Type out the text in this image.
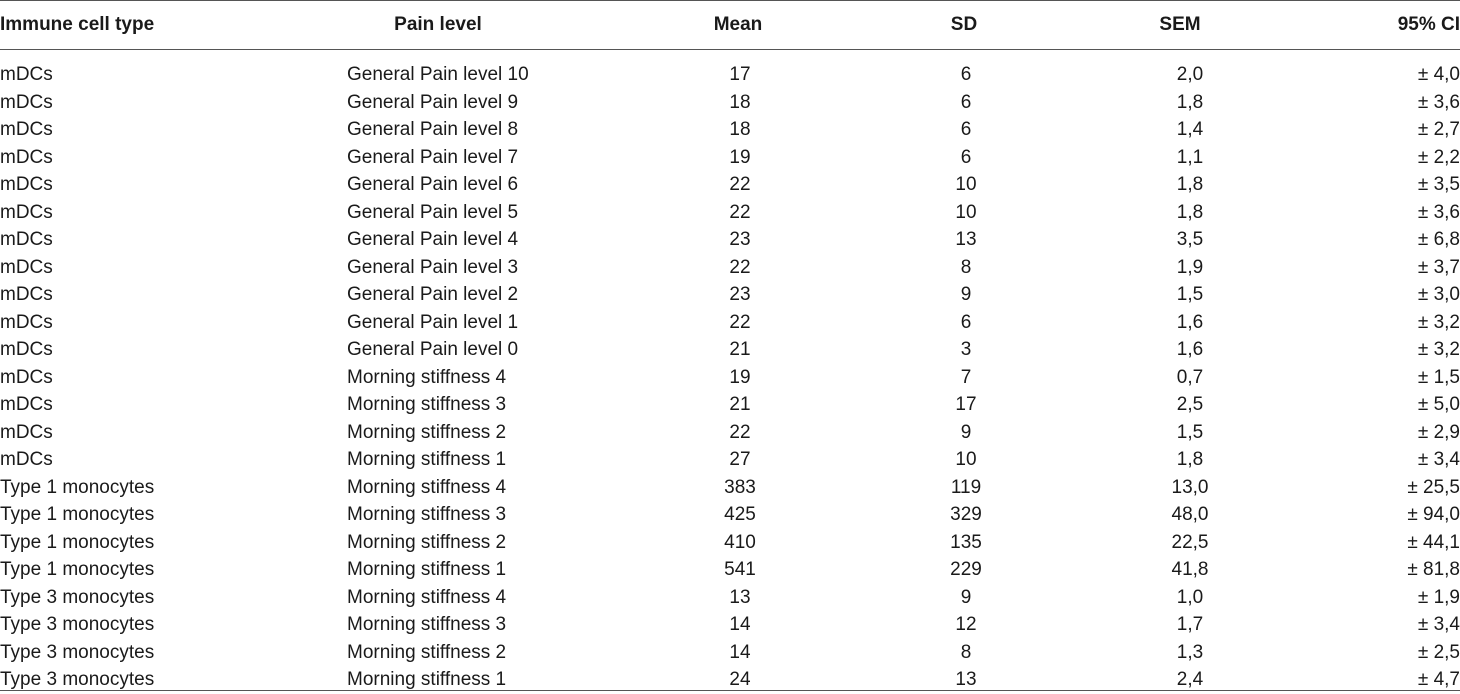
Immune cell type	Pain level	Mean	SD	SEM	95% CI
mDCs	General Pain level 10	17	6	2,0	± 4,0
mDCs	General Pain level 9	18	6	1,8	± 3,6
mDCs	General Pain level 8	18	6	1,4	± 2,7
mDCs	General Pain level 7	19	6	1,1	± 2,2
mDCs	General Pain level 6	22	10	1,8	± 3,5
mDCs	General Pain level 5	22	10	1,8	± 3,6
mDCs	General Pain level 4	23	13	3,5	± 6,8
mDCs	General Pain level 3	22	8	1,9	± 3,7
mDCs	General Pain level 2	23	9	1,5	± 3,0
mDCs	General Pain level 1	22	6	1,6	± 3,2
mDCs	General Pain level 0	21	3	1,6	± 3,2
mDCs	Morning stiffness 4	19	7	0,7	± 1,5
mDCs	Morning stiffness 3	21	17	2,5	± 5,0
mDCs	Morning stiffness 2	22	9	1,5	± 2,9
mDCs	Morning stiffness 1	27	10	1,8	± 3,4
Type 1 monocytes	Morning stiffness 4	383	119	13,0	± 25,5
Type 1 monocytes	Morning stiffness 3	425	329	48,0	± 94,0
Type 1 monocytes	Morning stiffness 2	410	135	22,5	± 44,1
Type 1 monocytes	Morning stiffness 1	541	229	41,8	± 81,8
Type 3 monocytes	Morning stiffness 4	13	9	1,0	± 1,9
Type 3 monocytes	Morning stiffness 3	14	12	1,7	± 3,4
Type 3 monocytes	Morning stiffness 2	14	8	1,3	± 2,5
Type 3 monocytes	Morning stiffness 1	24	13	2,4	± 4,7
